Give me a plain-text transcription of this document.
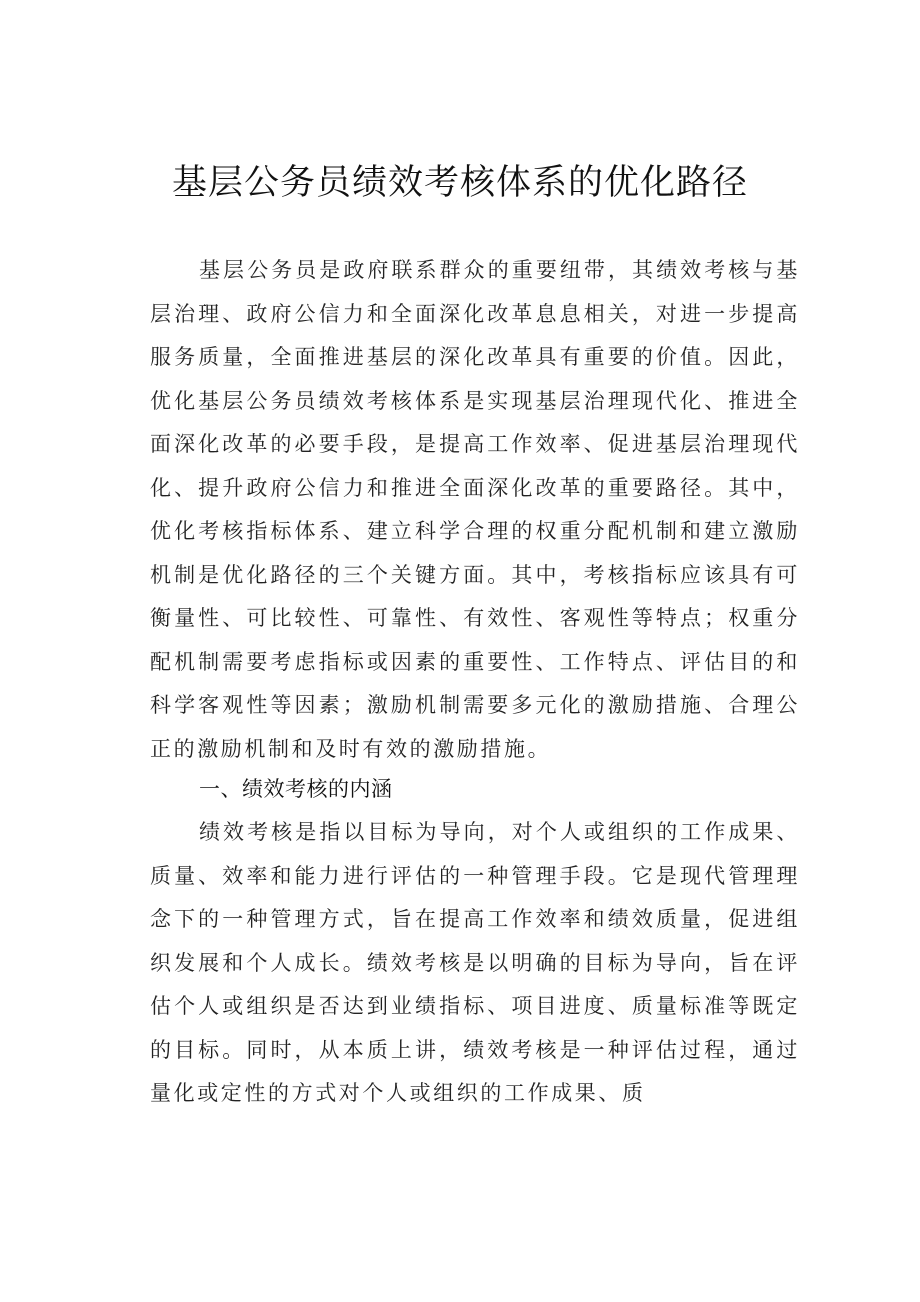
基层公务员绩效考核体系的优化路径

基层公务员是政府联系群众的重要纽带，其绩效考核与基层治理、政府公信力和全面深化改革息息相关，对进一步提高服务质量，全面推进基层的深化改革具有重要的价值。因此，优化基层公务员绩效考核体系是实现基层治理现代化、推进全面深化改革的必要手段，是提高工作效率、促进基层治理现代化、提升政府公信力和推进全面深化改革的重要路径。其中，优化考核指标体系、建立科学合理的权重分配机制和建立激励机制是优化路径的三个关键方面。其中，考核指标应该具有可衡量性、可比较性、可靠性、有效性、客观性等特点；权重分配机制需要考虑指标或因素的重要性、工作特点、评估目的和科学客观性等因素；激励机制需要多元化的激励措施、合理公正的激励机制和及时有效的激励措施。

一、绩效考核的内涵

绩效考核是指以目标为导向，对个人或组织的工作成果、质量、效率和能力进行评估的一种管理手段。它是现代管理理念下的一种管理方式，旨在提高工作效率和绩效质量，促进组织发展和个人成长。绩效考核是以明确的目标为导向，旨在评估个人或组织是否达到业绩指标、项目进度、质量标准等既定的目标。同时，从本质上讲，绩效考核是一种评估过程，通过量化或定性的方式对个人或组织的工作成果、质
